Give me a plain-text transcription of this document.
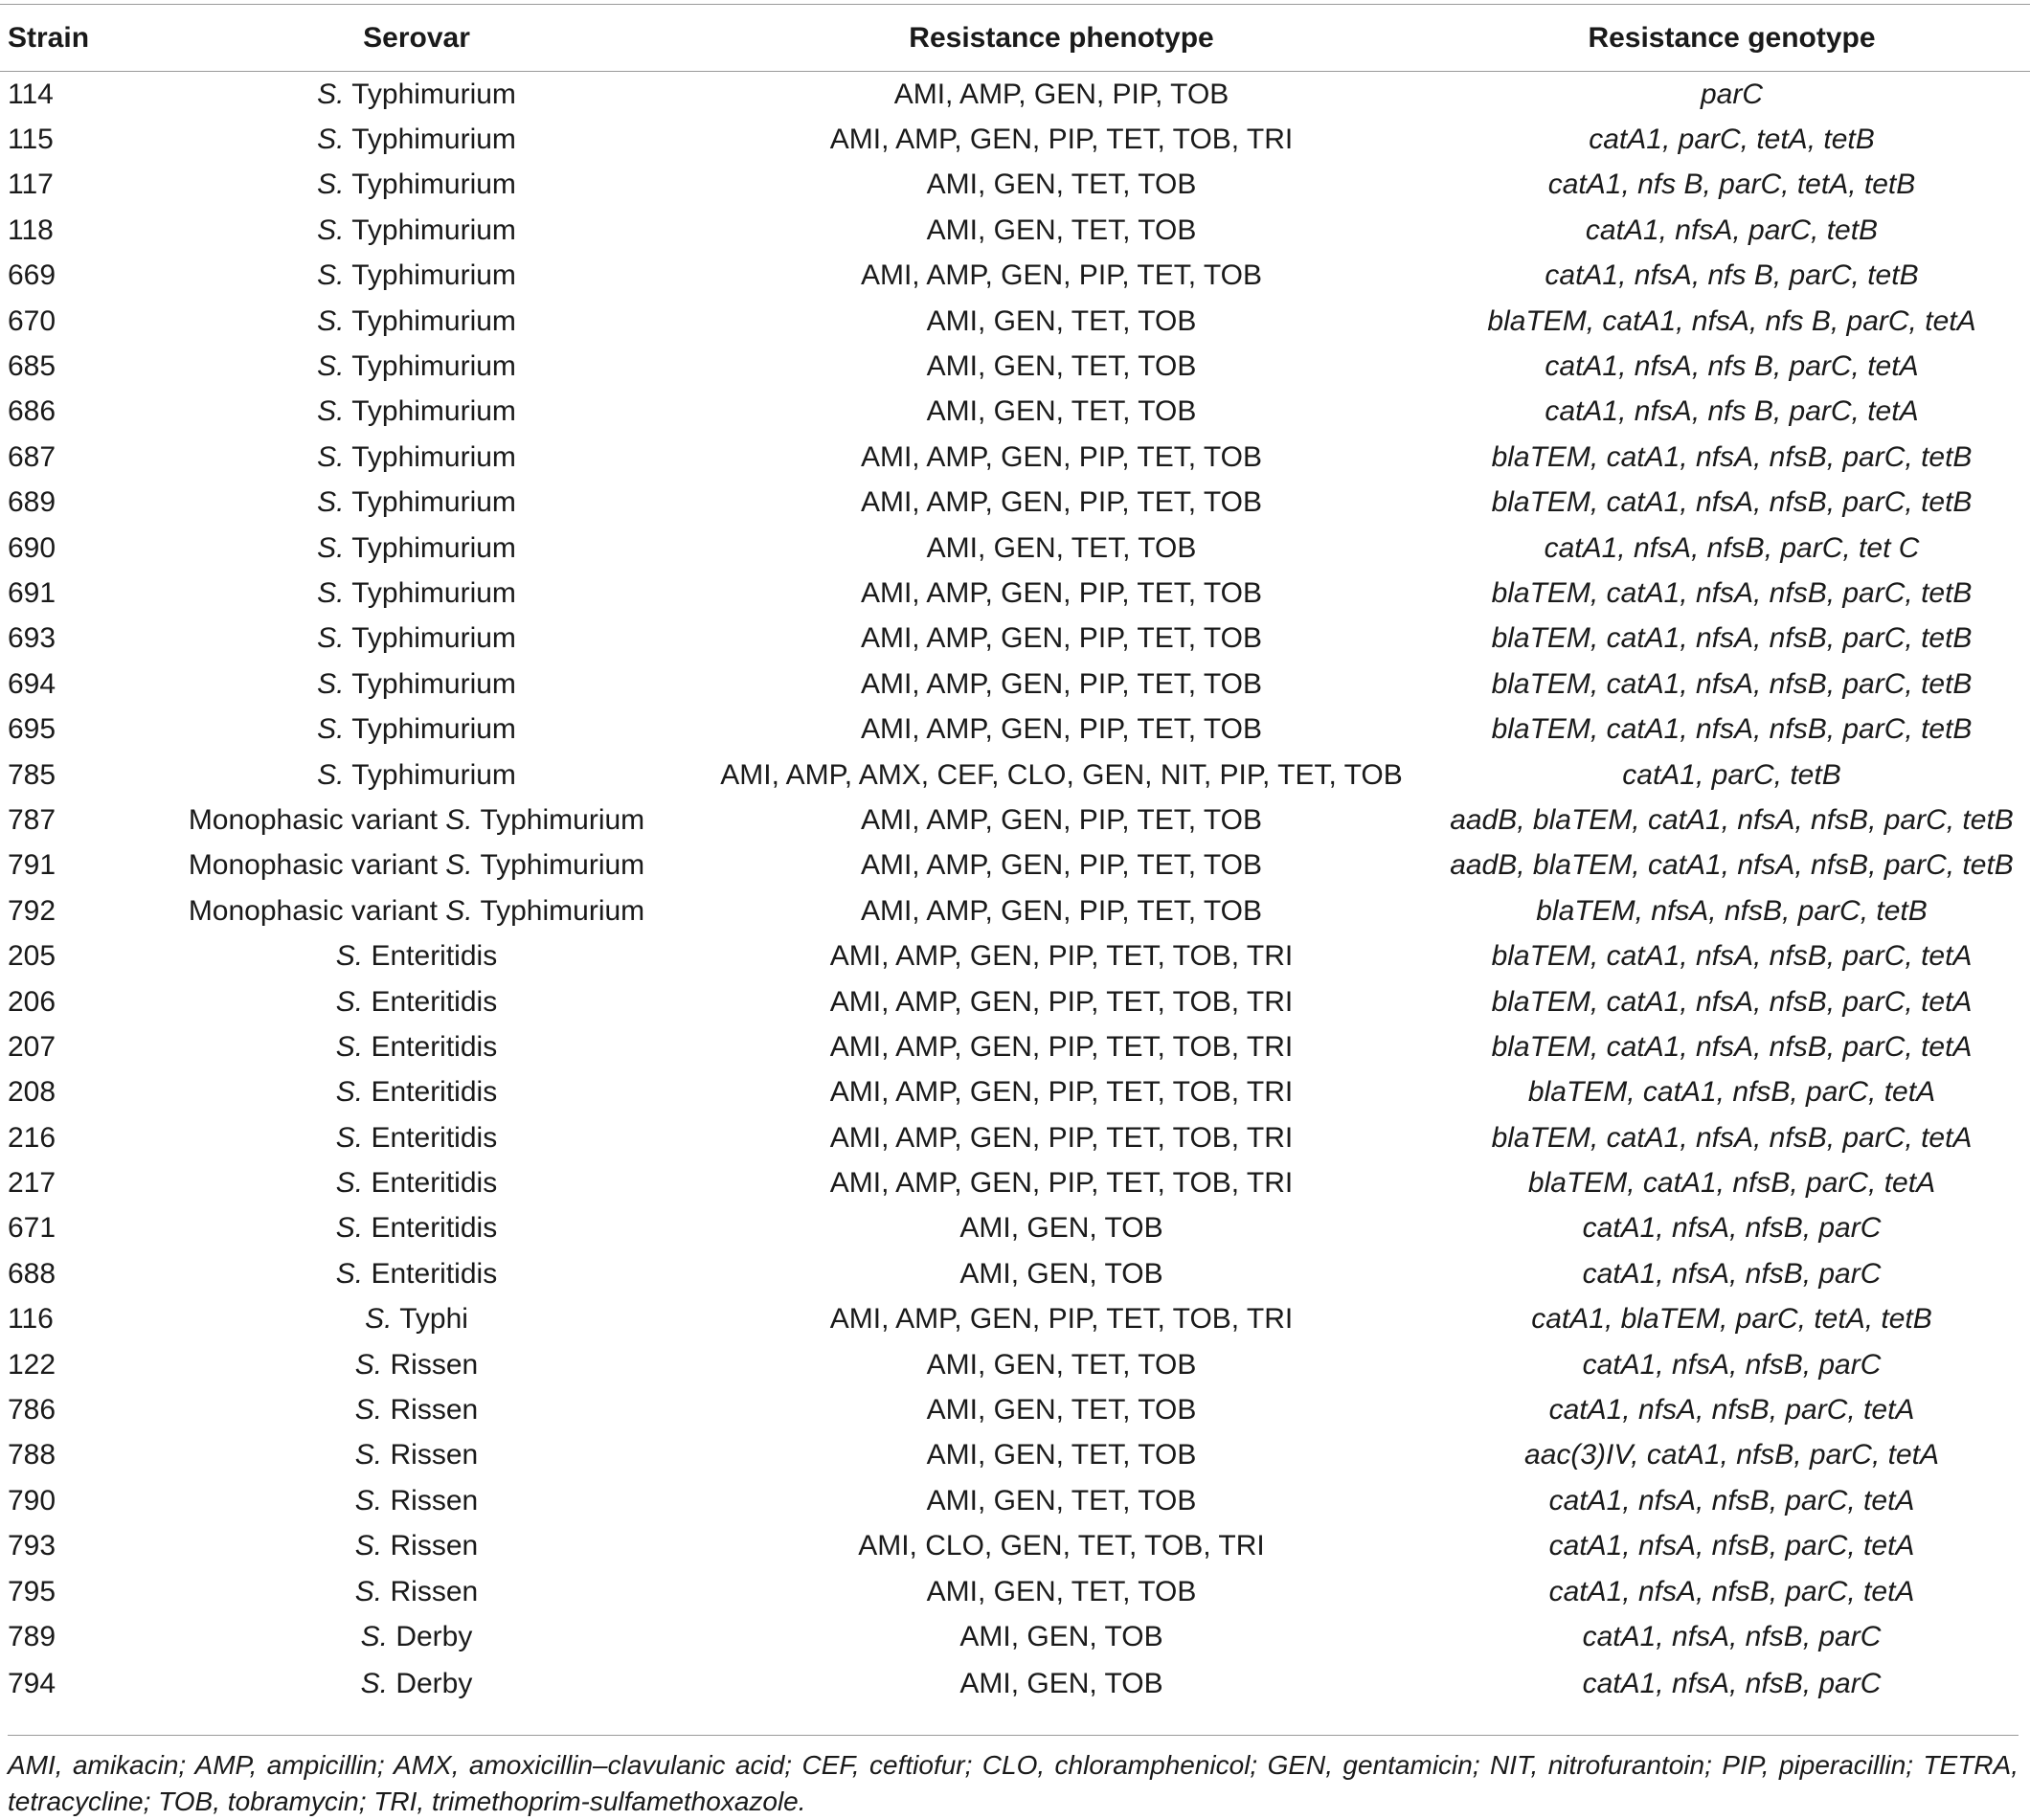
Strain	Serovar	Resistance phenotype	Resistance genotype
114	S. Typhimurium	AMI, AMP, GEN, PIP, TOB	parC
115	S. Typhimurium	AMI, AMP, GEN, PIP, TET, TOB, TRI	catA1, parC, tetA, tetB
117	S. Typhimurium	AMI, GEN, TET, TOB	catA1, nfs B, parC, tetA, tetB
118	S. Typhimurium	AMI, GEN, TET, TOB	catA1, nfsA, parC, tetB
669	S. Typhimurium	AMI, AMP, GEN, PIP, TET, TOB	catA1, nfsA, nfs B, parC, tetB
670	S. Typhimurium	AMI, GEN, TET, TOB	blaTEM, catA1, nfsA, nfs B, parC, tetA
685	S. Typhimurium	AMI, GEN, TET, TOB	catA1, nfsA, nfs B, parC, tetA
686	S. Typhimurium	AMI, GEN, TET, TOB	catA1, nfsA, nfs B, parC, tetA
687	S. Typhimurium	AMI, AMP, GEN, PIP, TET, TOB	blaTEM, catA1, nfsA, nfsB, parC, tetB
689	S. Typhimurium	AMI, AMP, GEN, PIP, TET, TOB	blaTEM, catA1, nfsA, nfsB, parC, tetB
690	S. Typhimurium	AMI, GEN, TET, TOB	catA1, nfsA, nfsB, parC, tet C
691	S. Typhimurium	AMI, AMP, GEN, PIP, TET, TOB	blaTEM, catA1, nfsA, nfsB, parC, tetB
693	S. Typhimurium	AMI, AMP, GEN, PIP, TET, TOB	blaTEM, catA1, nfsA, nfsB, parC, tetB
694	S. Typhimurium	AMI, AMP, GEN, PIP, TET, TOB	blaTEM, catA1, nfsA, nfsB, parC, tetB
695	S. Typhimurium	AMI, AMP, GEN, PIP, TET, TOB	blaTEM, catA1, nfsA, nfsB, parC, tetB
785	S. Typhimurium	AMI, AMP, AMX, CEF, CLO, GEN, NIT, PIP, TET, TOB	catA1, parC, tetB
787	Monophasic variant S. Typhimurium	AMI, AMP, GEN, PIP, TET, TOB	aadB, blaTEM, catA1, nfsA, nfsB, parC, tetB
791	Monophasic variant S. Typhimurium	AMI, AMP, GEN, PIP, TET, TOB	aadB, blaTEM, catA1, nfsA, nfsB, parC, tetB
792	Monophasic variant S. Typhimurium	AMI, AMP, GEN, PIP, TET, TOB	blaTEM, nfsA, nfsB, parC, tetB
205	S. Enteritidis	AMI, AMP, GEN, PIP, TET, TOB, TRI	blaTEM, catA1, nfsA, nfsB, parC, tetA
206	S. Enteritidis	AMI, AMP, GEN, PIP, TET, TOB, TRI	blaTEM, catA1, nfsA, nfsB, parC, tetA
207	S. Enteritidis	AMI, AMP, GEN, PIP, TET, TOB, TRI	blaTEM, catA1, nfsA, nfsB, parC, tetA
208	S. Enteritidis	AMI, AMP, GEN, PIP, TET, TOB, TRI	blaTEM, catA1, nfsB, parC, tetA
216	S. Enteritidis	AMI, AMP, GEN, PIP, TET, TOB, TRI	blaTEM, catA1, nfsA, nfsB, parC, tetA
217	S. Enteritidis	AMI, AMP, GEN, PIP, TET, TOB, TRI	blaTEM, catA1, nfsB, parC, tetA
671	S. Enteritidis	AMI, GEN, TOB	catA1, nfsA, nfsB, parC
688	S. Enteritidis	AMI, GEN, TOB	catA1, nfsA, nfsB, parC
116	S. Typhi	AMI, AMP, GEN, PIP, TET, TOB, TRI	catA1, blaTEM, parC, tetA, tetB
122	S. Rissen	AMI, GEN, TET, TOB	catA1, nfsA, nfsB, parC
786	S. Rissen	AMI, GEN, TET, TOB	catA1, nfsA, nfsB, parC, tetA
788	S. Rissen	AMI, GEN, TET, TOB	aac(3)IV, catA1, nfsB, parC, tetA
790	S. Rissen	AMI, GEN, TET, TOB	catA1, nfsA, nfsB, parC, tetA
793	S. Rissen	AMI, CLO, GEN, TET, TOB, TRI	catA1, nfsA, nfsB, parC, tetA
795	S. Rissen	AMI, GEN, TET, TOB	catA1, nfsA, nfsB, parC, tetA
789	S. Derby	AMI, GEN, TOB	catA1, nfsA, nfsB, parC
794	S. Derby	AMI, GEN, TOB	catA1, nfsA, nfsB, parC
AMI, amikacin; AMP, ampicillin; AMX, amoxicillin–clavulanic acid; CEF, ceftiofur; CLO, chloramphenicol; GEN, gentamicin; NIT, nitrofurantoin; PIP, piperacillin; TETRA,
tetracycline; TOB, tobramycin; TRI, trimethoprim-sulfamethoxazole.
